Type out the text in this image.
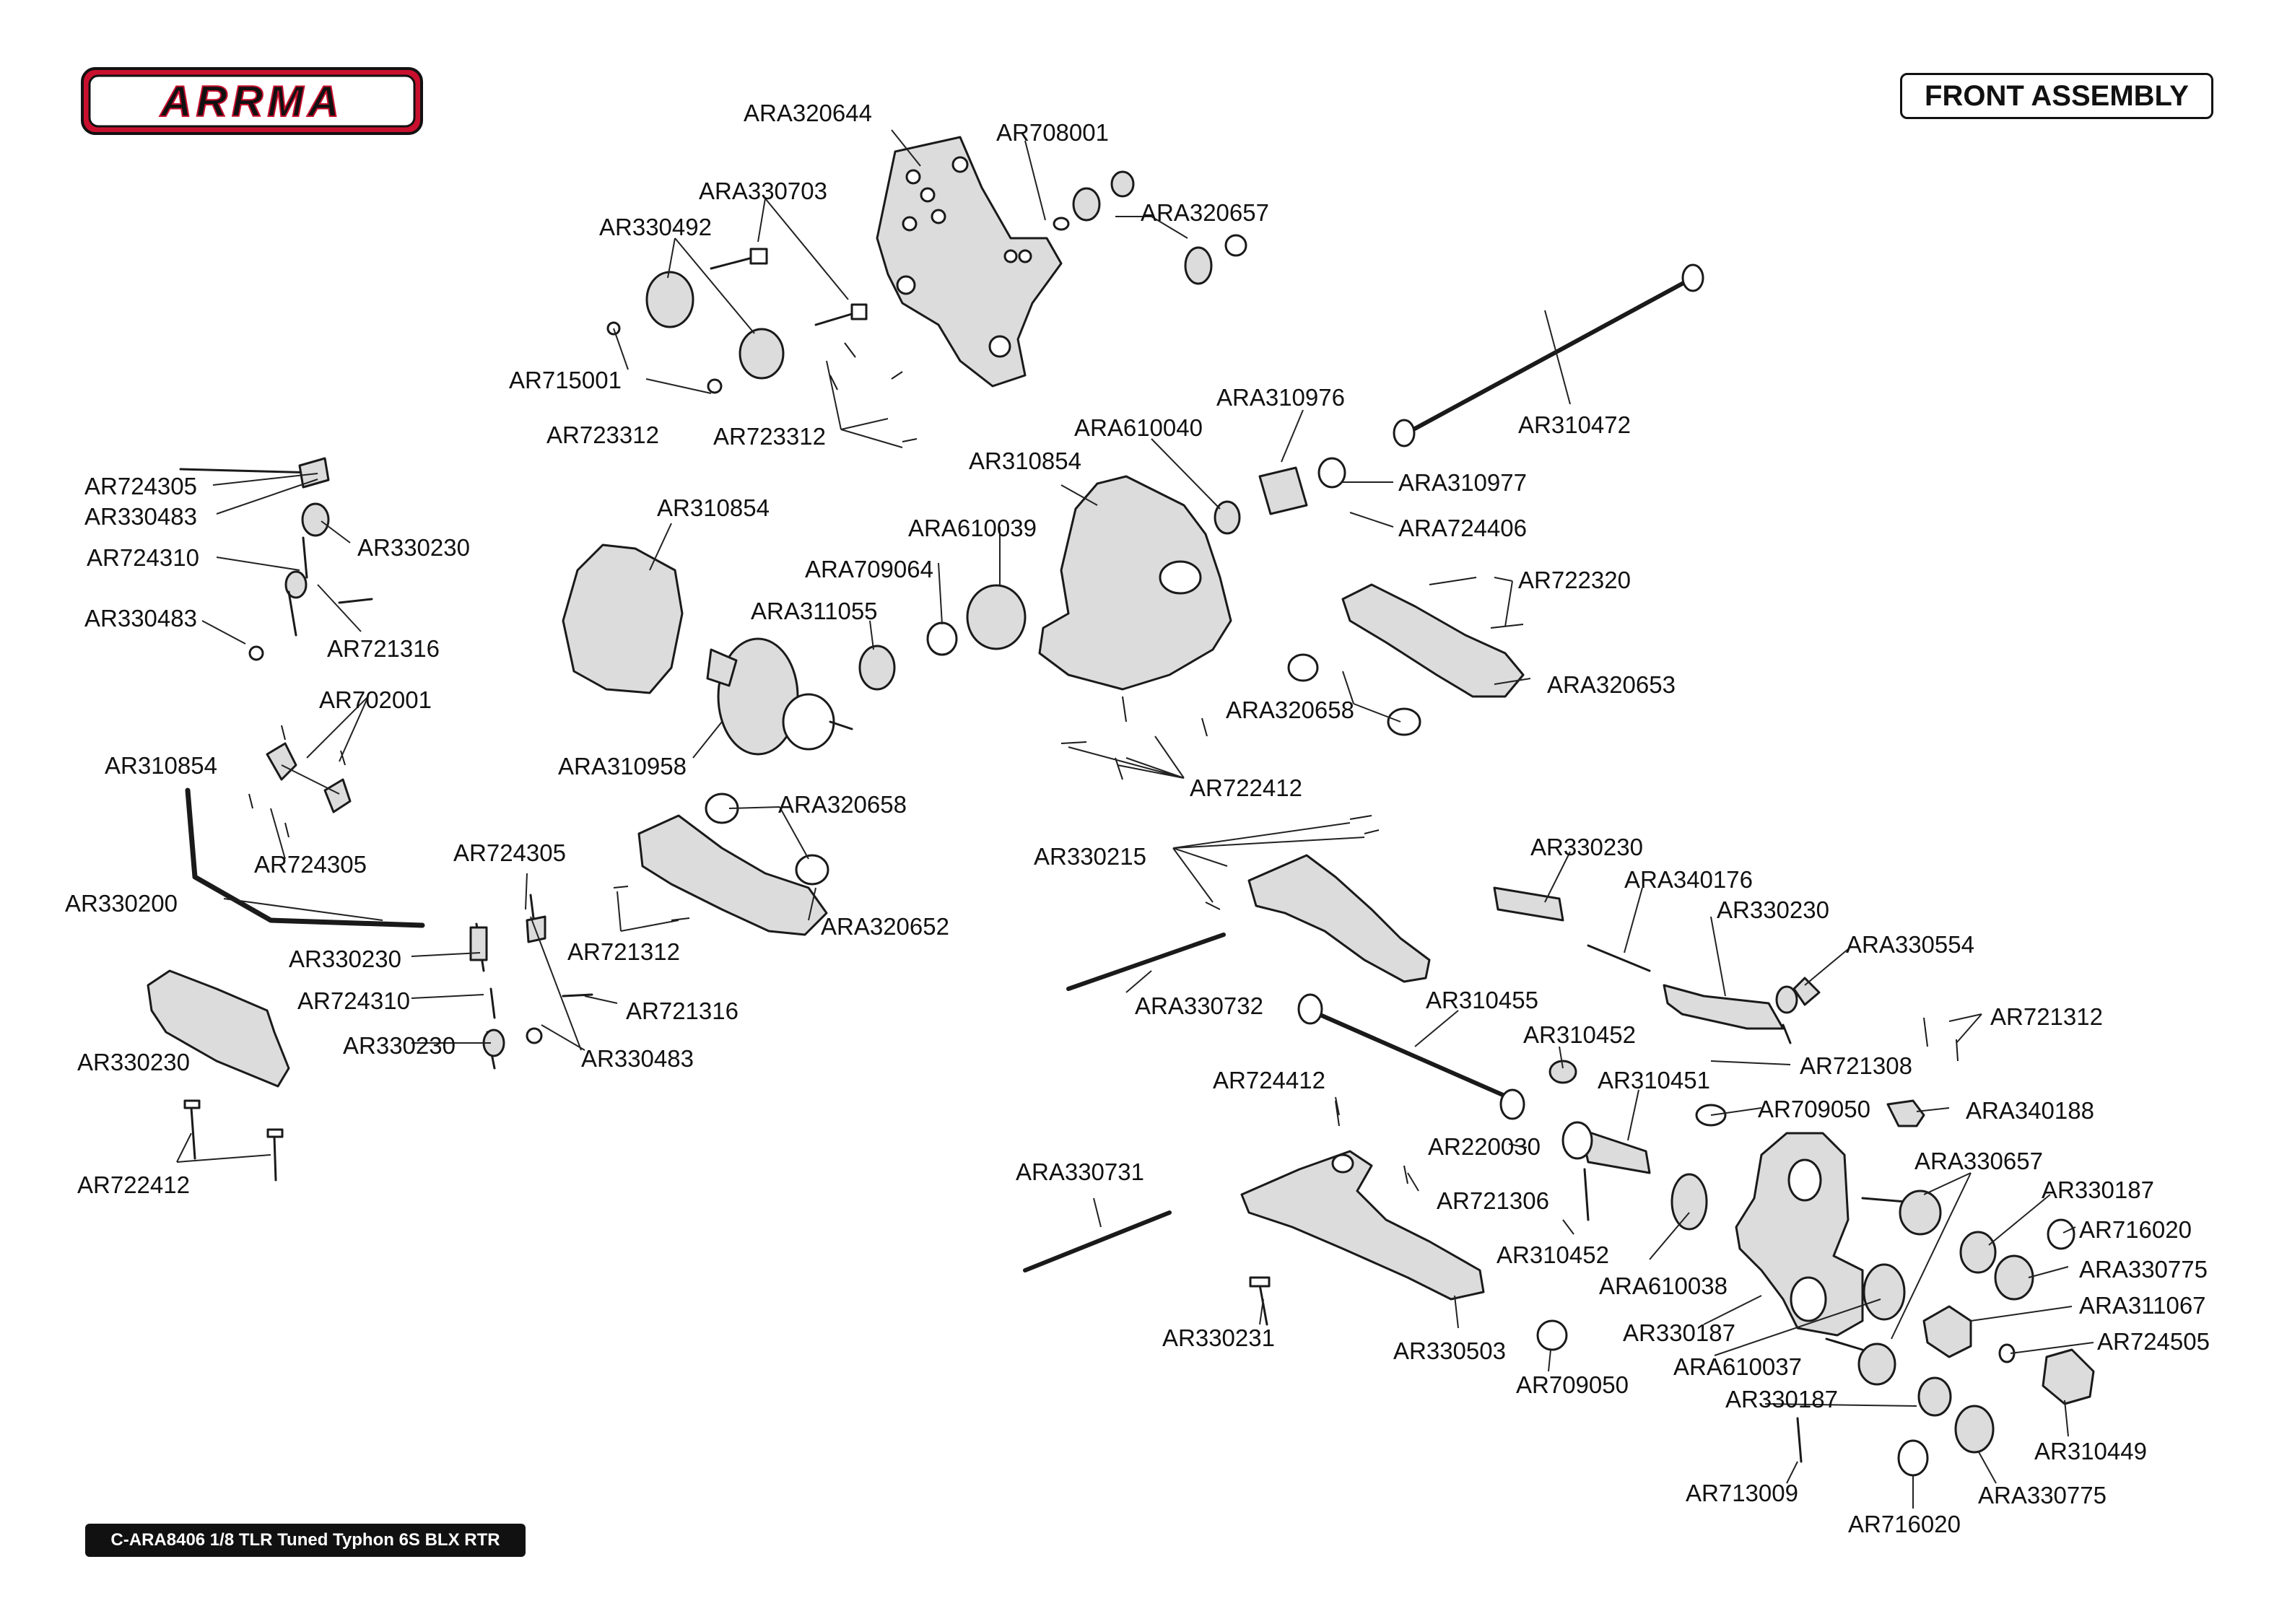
ARRMA	FRONT ASSEMBLY
C-ARA8406 1/8 TLR Tuned Typhon 6S BLX RTR
ARA320644
AR708001
ARA330703
AR330492
ARA320657
AR715001
AR723312
AR723312
ARA310976
ARA610040	AR310472
AR310854
ARA310977
AR724305
ARA724406
AR330483	AR310854
ARA610039
AR724310	AR330230
ARA709064	AR722320
ARA311055
AR330483
AR721316
ARA320653
AR702001	ARA320658
AR310854	ARA310958
ARA320658
AR722412
AR724305
AR724305	AR330215	AR330230
AR330200
ARA340176
ARA320652
AR330230
AR721312
AR330230
ARA330554
AR724310	AR721316	ARA330732	AR310455
AR721312
AR330230	AR330483
AR310452
AR721308
AR330230
AR724412	AR310451
AR709050	ARA340188
AR220030
ARA330731	ARA330657
AR722412	AR330187
AR721306
AR716020
AR310452
ARA330775
ARA610038
ARA311067
AR330231	AR330187	AR724505
AR330503
ARA610037
AR709050
AR330187
AR310449
AR713009	ARA330775
AR716020
